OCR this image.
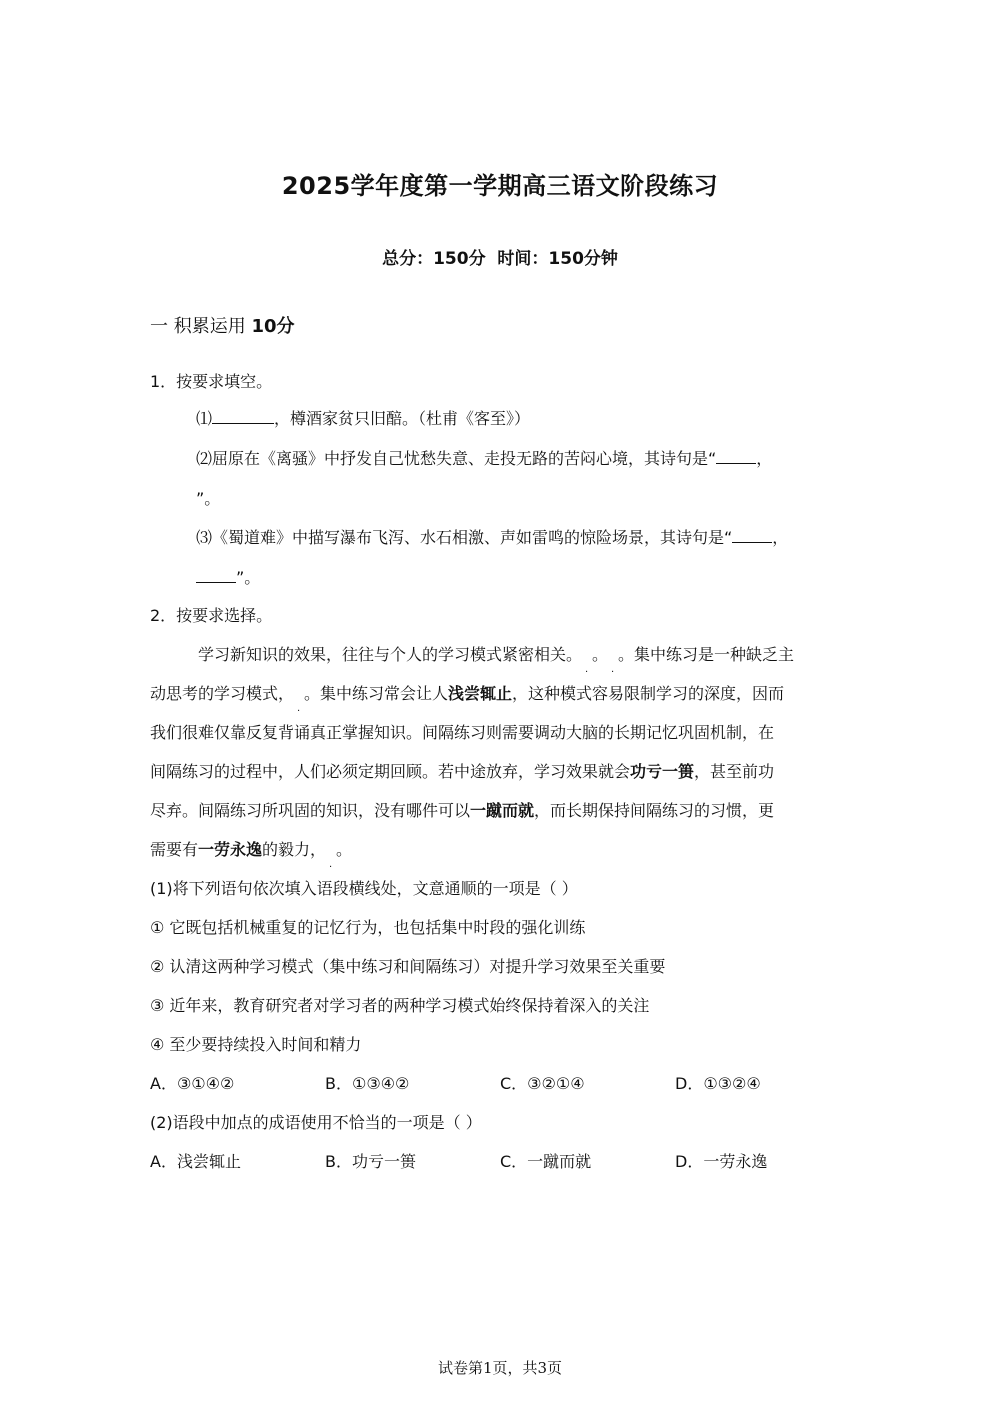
2025学年度第一学期高三语文阶段练习
总分：150分 时间：150分钟
一 积累运用 10分
1．按要求填空。
⑴	，樽酒家贫只旧醅。（杜甫《客至》）
⑵屈原在《离骚》中抒发自己忧愁失意、走投无路的苦闷心境，其诗句是“	，
”。
⑶《蜀道难》中描写瀑布飞泻、水石相激、声如雷鸣的惊险场景，其诗句是“	，
”。
2．按要求选择。
学习新知识的效果，往往与个人的学习模式紧密相关。 。 。集中练习是一种缺乏主
动思考的学习模式， 。集中练习常会让人浅尝辄止，这种模式容易限制学习的深度，因而
我们很难仅靠反复背诵真正掌握知识。间隔练习则需要调动大脑的长期记忆巩固机制，在
间隔练习的过程中，人们必须定期回顾。若中途放弃，学习效果就会功亏一篑，甚至前功
尽弃。间隔练习所巩固的知识，没有哪件可以一蹴而就，而长期保持间隔练习的习惯，更
需要有一劳永逸的毅力， 。
(1)将下列语句依次填入语段横线处，文意通顺的一项是（ ）
① 它既包括机械重复的记忆行为，也包括集中时段的强化训练
② 认清这两种学习模式（集中练习和间隔练习）对提升学习效果至关重要
③ 近年来，教育研究者对学习者的两种学习模式始终保持着深入的关注
④ 至少要持续投入时间和精力
A．③①④②	B．①③④②	C．③②①④	D．①③②④
(2)语段中加点的成语使用不恰当的一项是（ ）
A．浅尝辄止	B．功亏一篑	C．一蹴而就	D．一劳永逸
试卷第1页，共3页
